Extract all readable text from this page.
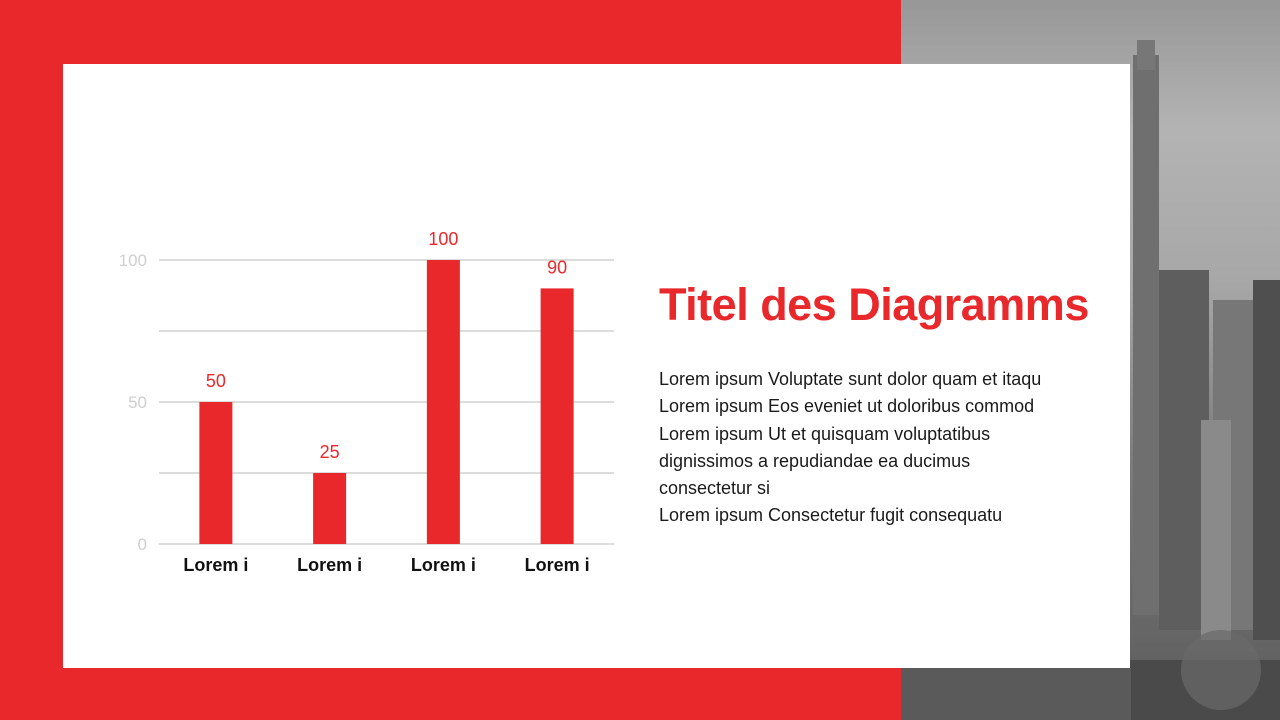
0
50
100
50
Lorem i
25
Lorem i
100
Lorem i
90
Lorem i
Titel des Diagramms
Lorem ipsum Voluptate sunt dolor quam et itaqu
Lorem ipsum Eos eveniet ut doloribus commod
Lorem ipsum Ut et quisquam voluptatibus
dignissimos a repudiandae ea ducimus
consectetur si
Lorem ipsum Consectetur fugit consequatu
